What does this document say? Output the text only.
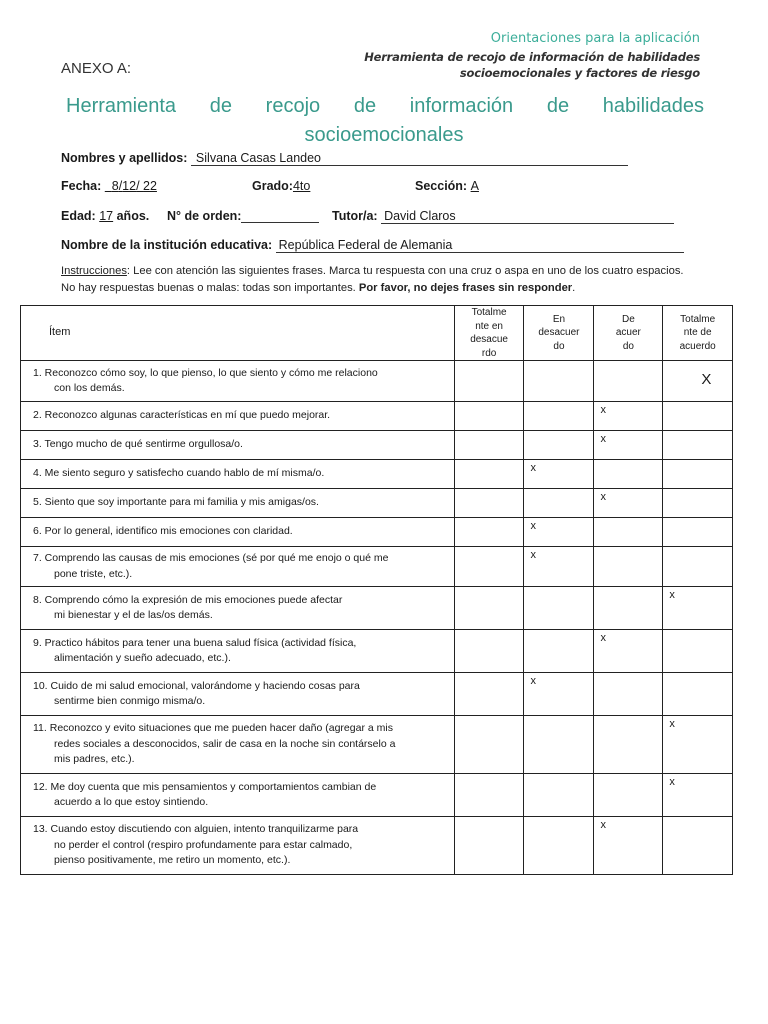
Orientaciones para la aplicación
Herramienta de recojo de información de habilidades
socioemocionales y factores de riesgo
ANEXO A:
Herramienta de recojo de información de habilidades
socioemocionales
Nombres y apellidos: Silvana Casas Landeo
Fecha: 8/12/ 22	Grado:4to	Sección: A
Edad: 17 años. N° de orden:	Tutor/a: David Claros
Nombre de la institución educativa: República Federal de Alemania
Instrucciones: Lee con atención las siguientes frases. Marca tu respuesta con una cruz o aspa en uno de los cuatro espacios.
No hay respuestas buenas o malas: todas son importantes. Por favor, no dejes frases sin responder.
Ítem	Totalme
nte en
desacue
rdo	En
desacuer
do	De
acuer
do	Totalme
nte de
acuerdo

1. Reconozco cómo soy, lo que pienso, lo que siento y cómo me relaciono
con los demás.				X

2. Reconozco algunas características en mí que puedo mejorar.			x	

3. Tengo mucho de qué sentirme orgullosa/o.			x	

4. Me siento seguro y satisfecho cuando hablo de mí misma/o.		x		

5. Siento que soy importante para mi familia y mis amigas/os.			x	

6. Por lo general, identifico mis emociones con claridad.		x		

7. Comprendo las causas de mis emociones (sé por qué me enojo o qué me
pone triste, etc.).		x		

8. Comprendo cómo la expresión de mis emociones puede afectar
mi bienestar y el de las/os demás.				x

9. Practico hábitos para tener una buena salud física (actividad física,
alimentación y sueño adecuado, etc.).			x	

10. Cuido de mi salud emocional, valorándome y haciendo cosas para
sentirme bien conmigo misma/o.		x		

11. Reconozco y evito situaciones que me pueden hacer daño (agregar a mis
redes sociales a desconocidos, salir de casa en la noche sin contárselo a
mis padres, etc.).				x

12. Me doy cuenta que mis pensamientos y comportamientos cambian de
acuerdo a lo que estoy sintiendo.				x

13. Cuando estoy discutiendo con alguien, intento tranquilizarme para
no perder el control (respiro profundamente para estar calmado,
pienso positivamente, me retiro un momento, etc.).			x	
